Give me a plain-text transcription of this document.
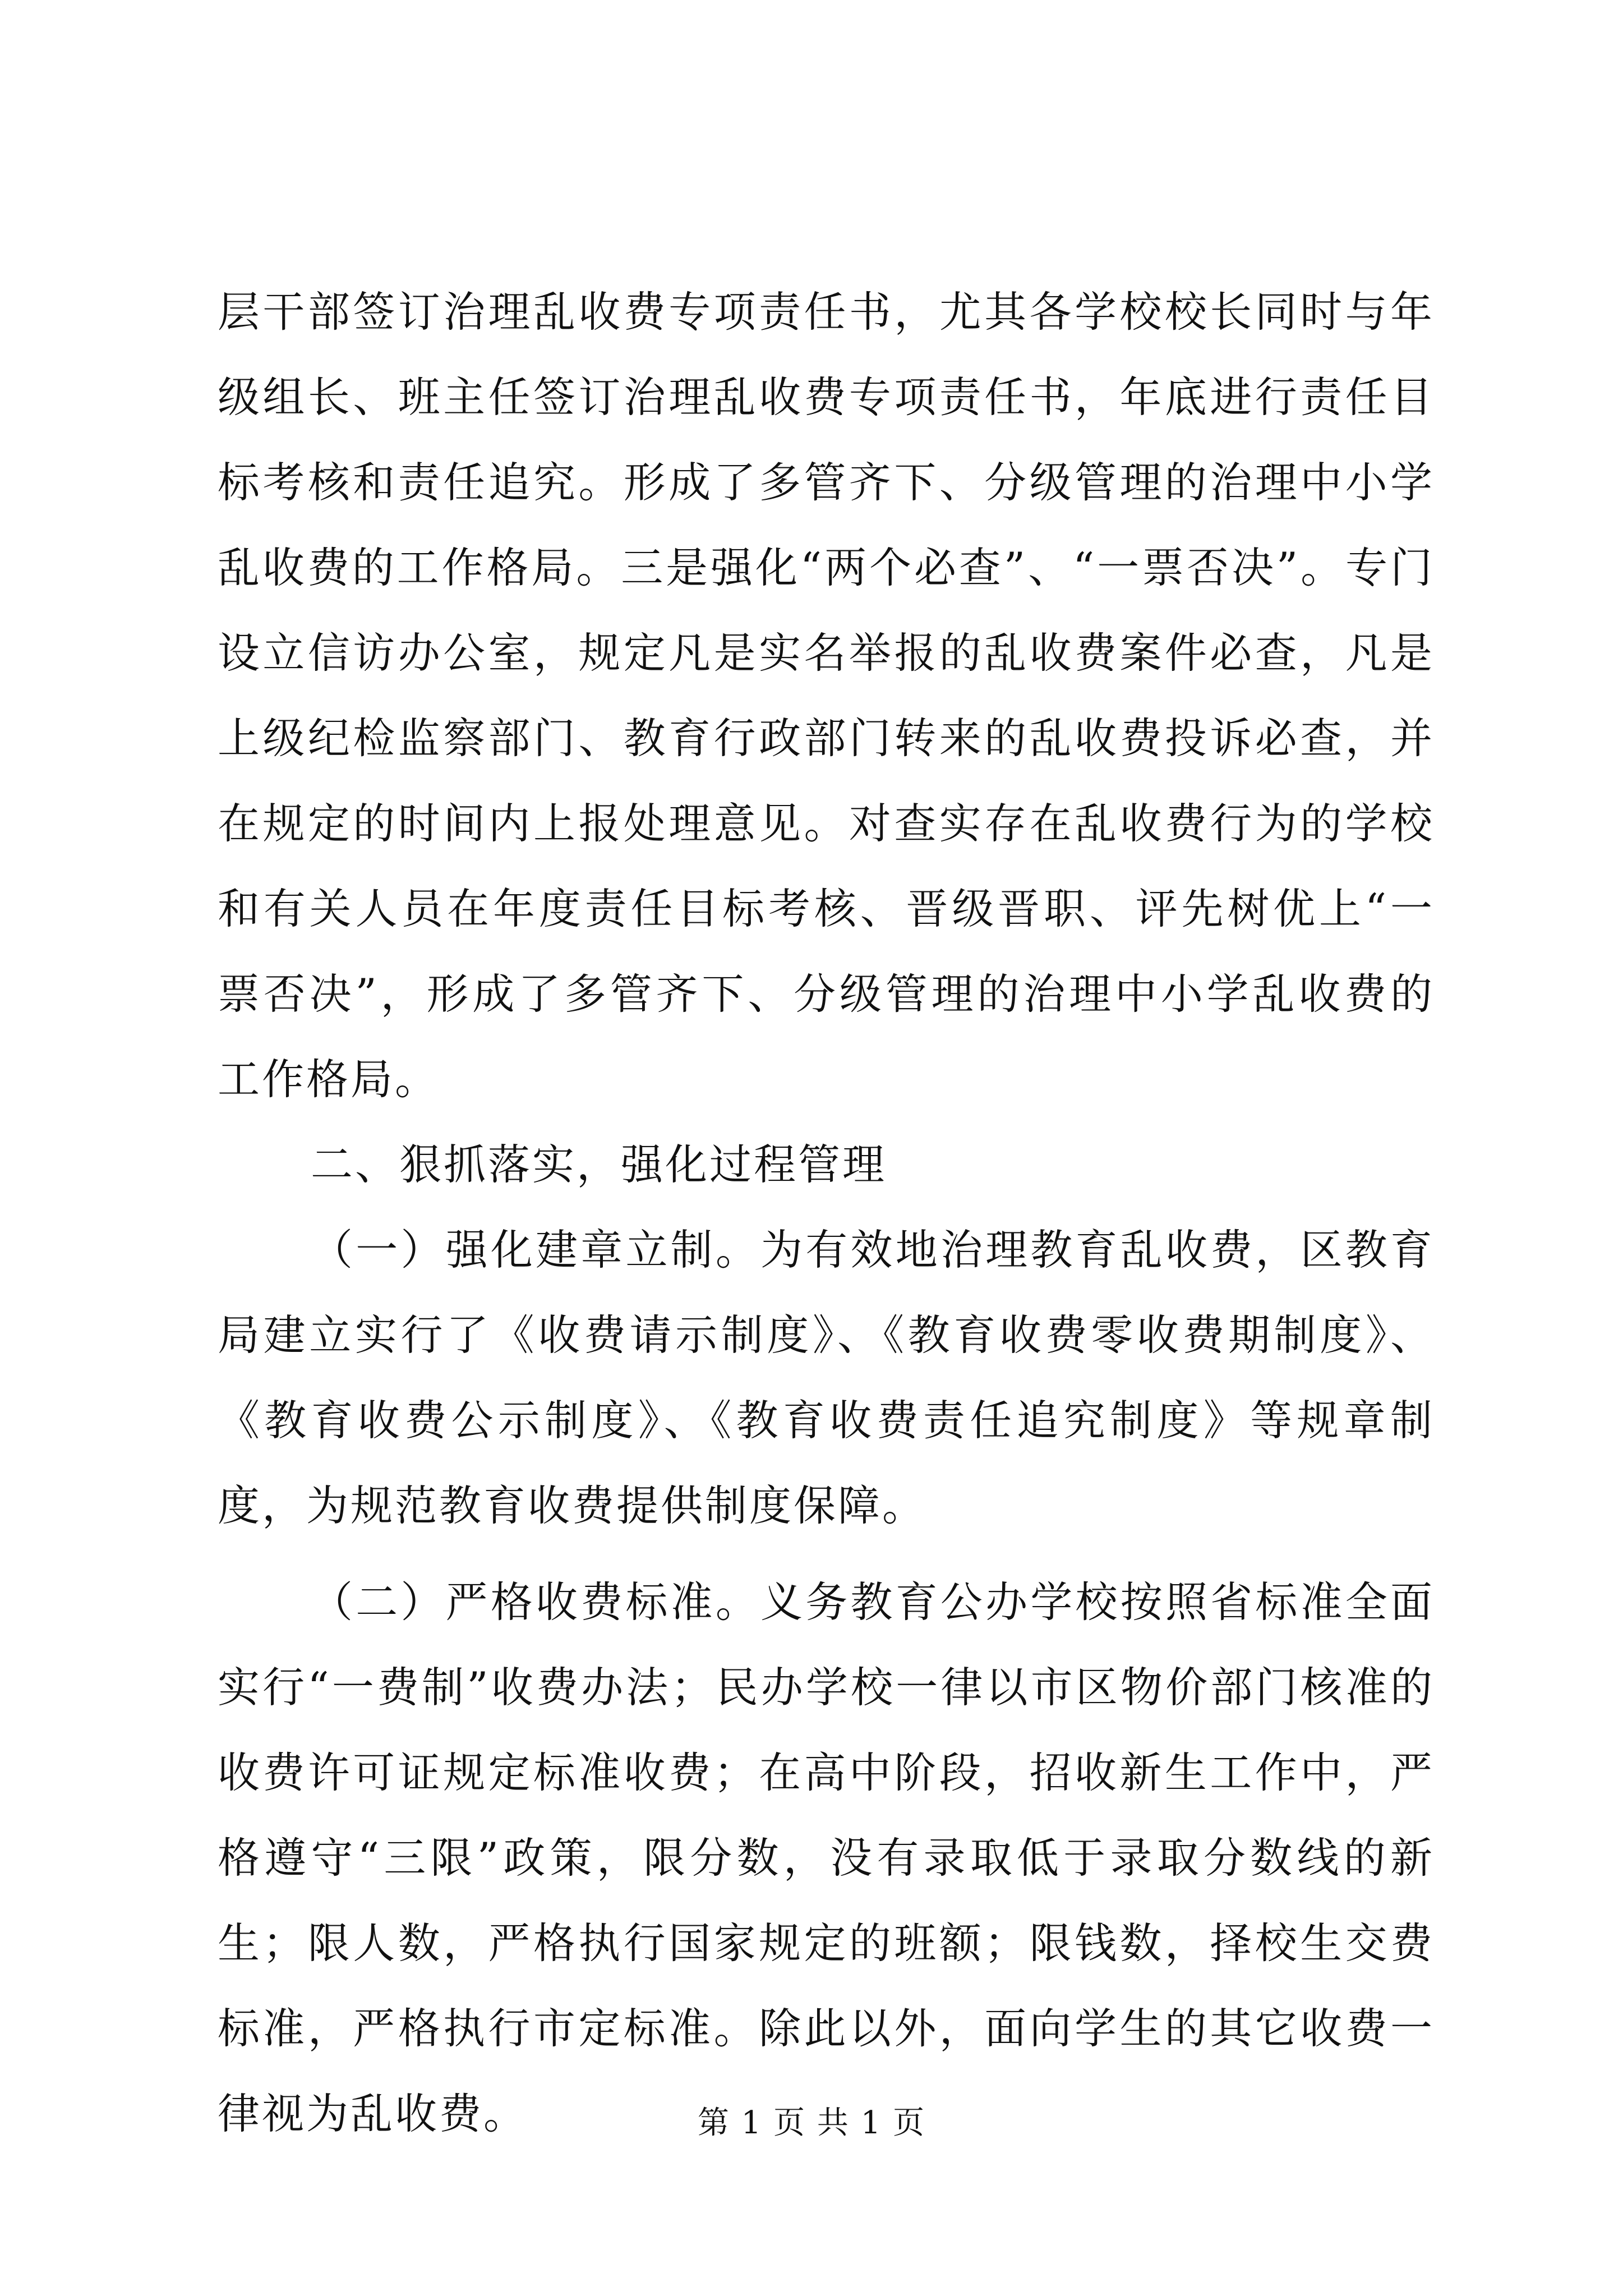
层干部签订治理乱收费专项责任书，尤其各学校校长同时与年级组长、班主任签订治理乱收费专项责任书，年底进行责任目标考核和责任追究。形成了多管齐下、分级管理的治理中小学乱收费的工作格局。三是强化“两个必查”、“一票否决”。专门设立信访办公室，规定凡是实名举报的乱收费案件必查，凡是上级纪检监察部门、教育行政部门转来的乱收费投诉必查，并在规定的时间内上报处理意见。对查实存在乱收费行为的学校和有关人员在年度责任目标考核、晋级晋职、评先树优上“一票否决”，形成了多管齐下、分级管理的治理中小学乱收费的工作格局。

二、狠抓落实，强化过程管理

（一）强化建章立制。为有效地治理教育乱收费，区教育局建立实行了《收费请示制度》、《教育收费零收费期制度》、《教育收费公示制度》、《教育收费责任追究制度》等规章制度，为规范教育收费提供制度保障。

（二）严格收费标准。义务教育公办学校按照省标准全面实行“一费制”收费办法；民办学校一律以市区物价部门核准的收费许可证规定标准收费；在高中阶段，招收新生工作中，严格遵守“三限”政策，限分数，没有录取低于录取分数线的新生；限人数，严格执行国家规定的班额；限钱数，择校生交费标准，严格执行市定标准。除此以外，面向学生的其它收费一律视为乱收费。	第 1 页 共 1 页
